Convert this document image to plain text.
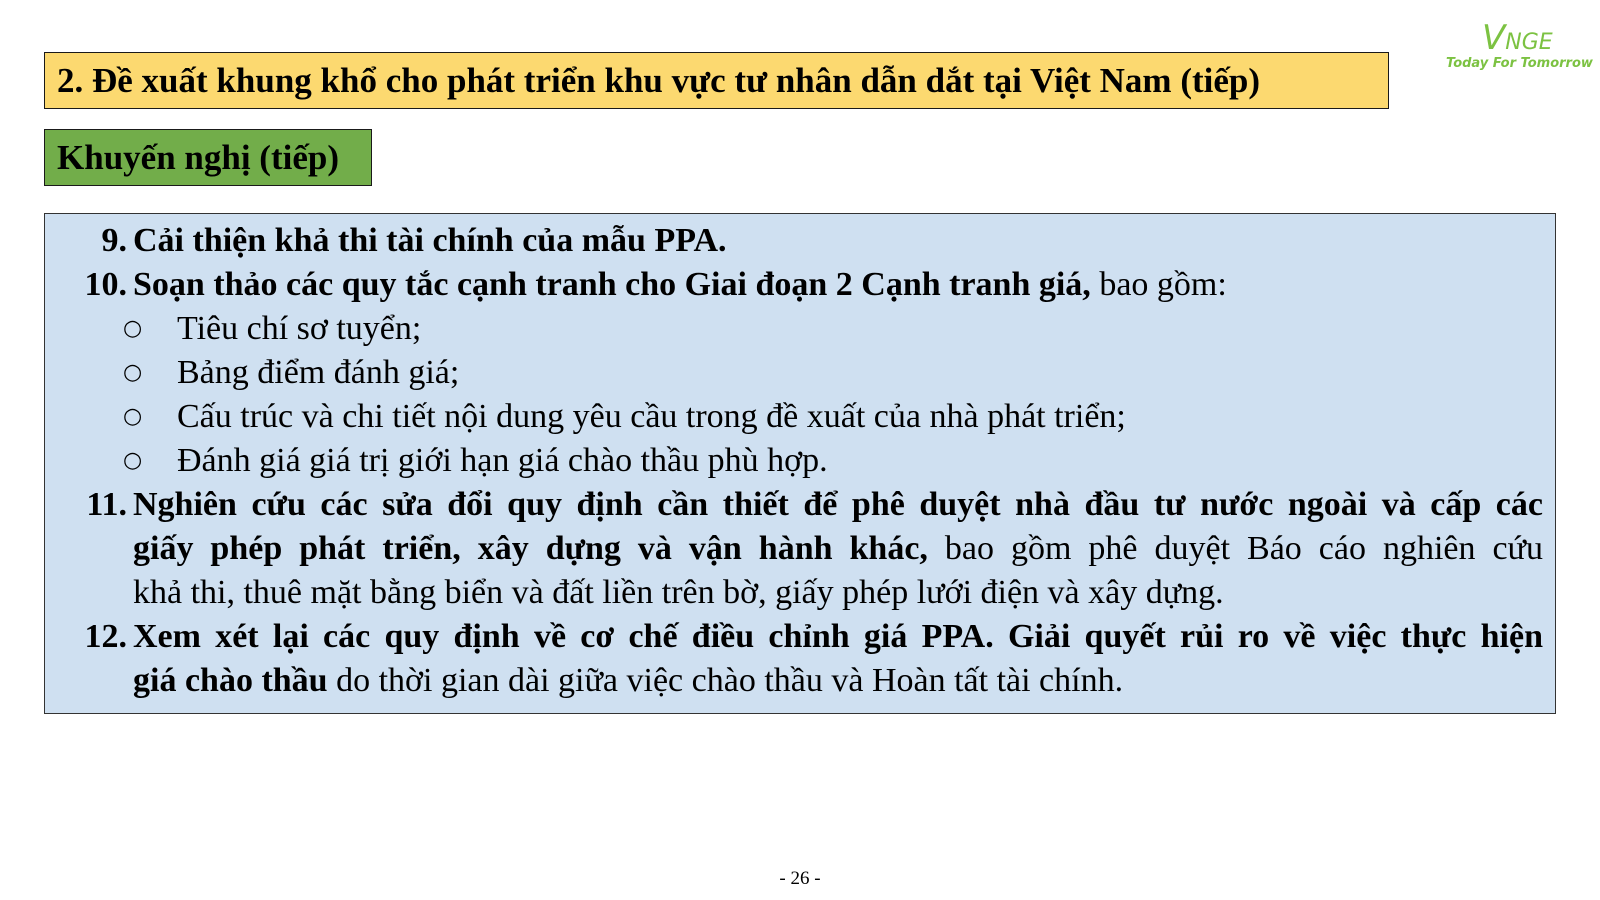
2. Đề xuất khung khổ cho phát triển khu vực tư nhân dẫn dắt tại Việt Nam (tiếp)
VNGE
Today For Tomorrow
Khuyến nghị (tiếp)
9. Cải thiện khả thi tài chính của mẫu PPA.
10. Soạn thảo các quy tắc cạnh tranh cho Giai đoạn 2 Cạnh tranh giá, bao gồm:
○ Tiêu chí sơ tuyển;
○ Bảng điểm đánh giá;
○ Cấu trúc và chi tiết nội dung yêu cầu trong đề xuất của nhà phát triển;
○ Đánh giá giá trị giới hạn giá chào thầu phù hợp.
11. Nghiên cứu các sửa đổi quy định cần thiết để phê duyệt nhà đầu tư nước ngoài và cấp các
giấy phép phát triển, xây dựng và vận hành khác, bao gồm phê duyệt Báo cáo nghiên cứu
khả thi, thuê mặt bằng biển và đất liền trên bờ, giấy phép lưới điện và xây dựng.
12. Xem xét lại các quy định về cơ chế điều chỉnh giá PPA. Giải quyết rủi ro về việc thực hiện
giá chào thầu do thời gian dài giữa việc chào thầu và Hoàn tất tài chính.
- 26 -
